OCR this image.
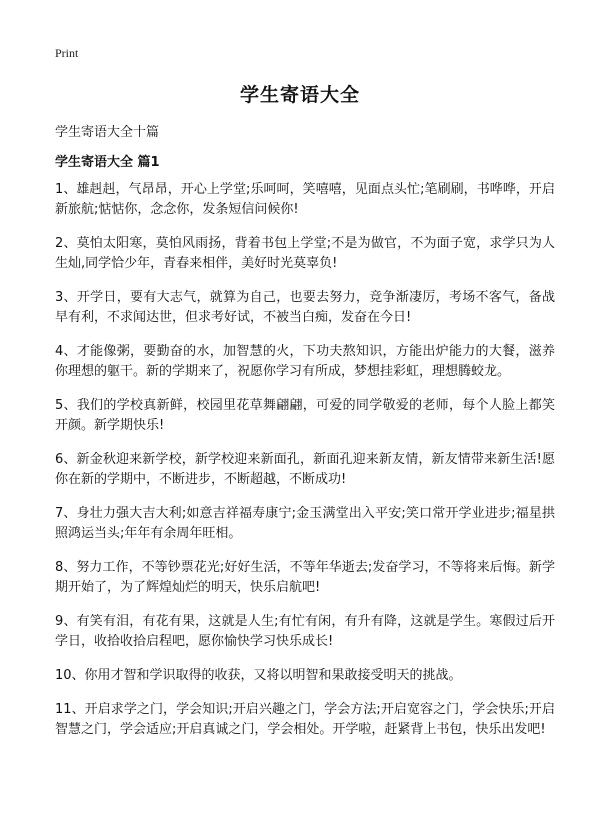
Print
学生寄语大全

学生寄语大全十篇

学生寄语大全 篇1
1、雄赳赳，气昂昂，开心上学堂;乐呵呵，笑嘻嘻，见面点头忙;笔刷刷，书哗哗，开启新旅航;惦惦你，念念你，发条短信问候你!
2、莫怕太阳寒，莫怕风雨扬，背着书包上学堂;不是为做官，不为面子宽，求学只为人生灿,同学恰少年，青春来相伴，美好时光莫辜负!
3、开学日，要有大志气，就算为自己，也要去努力，竞争渐凄厉，考场不客气，备战早有利，不求闻达世，但求考好试，不被当白痴，发奋在今日!
4、才能像粥，要勤奋的水，加智慧的火，下功夫熬知识，方能出炉能力的大餐，滋养你理想的躯干。新的学期来了，祝愿你学习有所成，梦想挂彩虹，理想腾蛟龙。
5、我们的学校真新鲜，校园里花草舞翩翩，可爱的同学敬爱的老师，每个人脸上都笑开颜。新学期快乐!
6、新金秋迎来新学校，新学校迎来新面孔，新面孔迎来新友情，新友情带来新生活!愿你在新的学期中，不断进步，不断超越，不断成功!
7、身壮力强大吉大利;如意吉祥福寿康宁;金玉满堂出入平安;笑口常开学业进步;福星拱照鸿运当头;年年有余周年旺相。
8、努力工作，不等钞票花光;好好生活，不等年华逝去;发奋学习，不等将来后悔。新学期开始了，为了辉煌灿烂的明天，快乐启航吧!
9、有笑有泪，有花有果，这就是人生;有忙有闲，有升有降，这就是学生。寒假过后开学日，收拾收拾启程吧，愿你愉快学习快乐成长!
10、你用才智和学识取得的收获，又将以明智和果敢接受明天的挑战。
11、开启求学之门，学会知识;开启兴趣之门，学会方法;开启宽容之门，学会快乐;开启智慧之门，学会适应;开启真诚之门，学会相处。开学啦，赶紧背上书包，快乐出发吧!
